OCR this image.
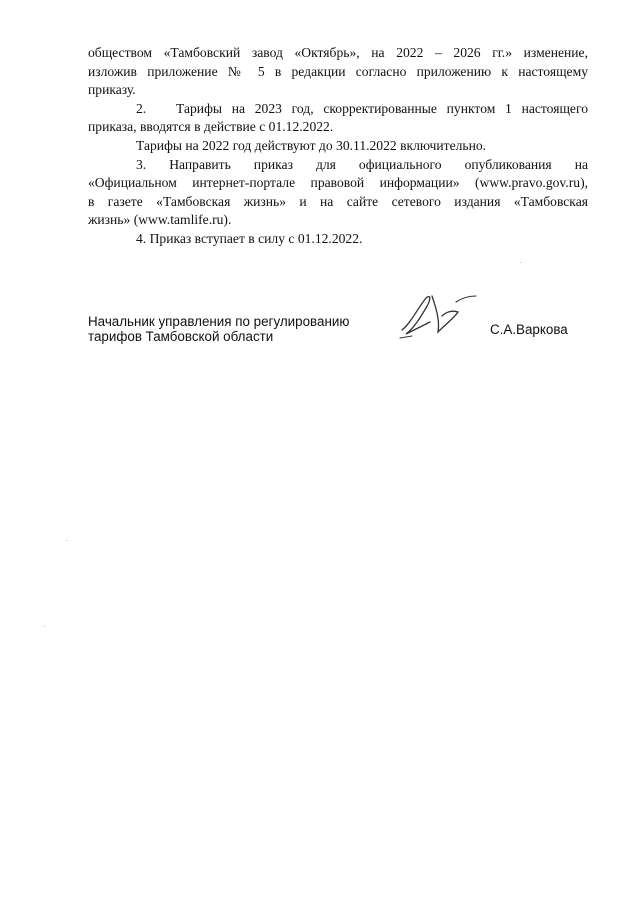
обществом «Тамбовский завод «Октябрь», на 2022 – 2026 гг.» изменение,
изложив приложение № 5 в редакции согласно приложению к настоящему
приказу.
2. Тарифы на 2023 год, скорректированные пунктом 1 настоящего
приказа, вводятся в действие с 01.12.2022.
Тарифы на 2022 год действуют до 30.11.2022 включительно.
3. Направить приказ для официального опубликования на
«Официальном интернет-портале правовой информации» (www.pravo.gov.ru),
в газете «Тамбовская жизнь» и на сайте сетевого издания «Тамбовская
жизнь» (www.tamlife.ru).
4. Приказ вступает в силу с 01.12.2022.
Начальник управления по регулированию
тарифов Тамбовской области	С.А.Варкова
